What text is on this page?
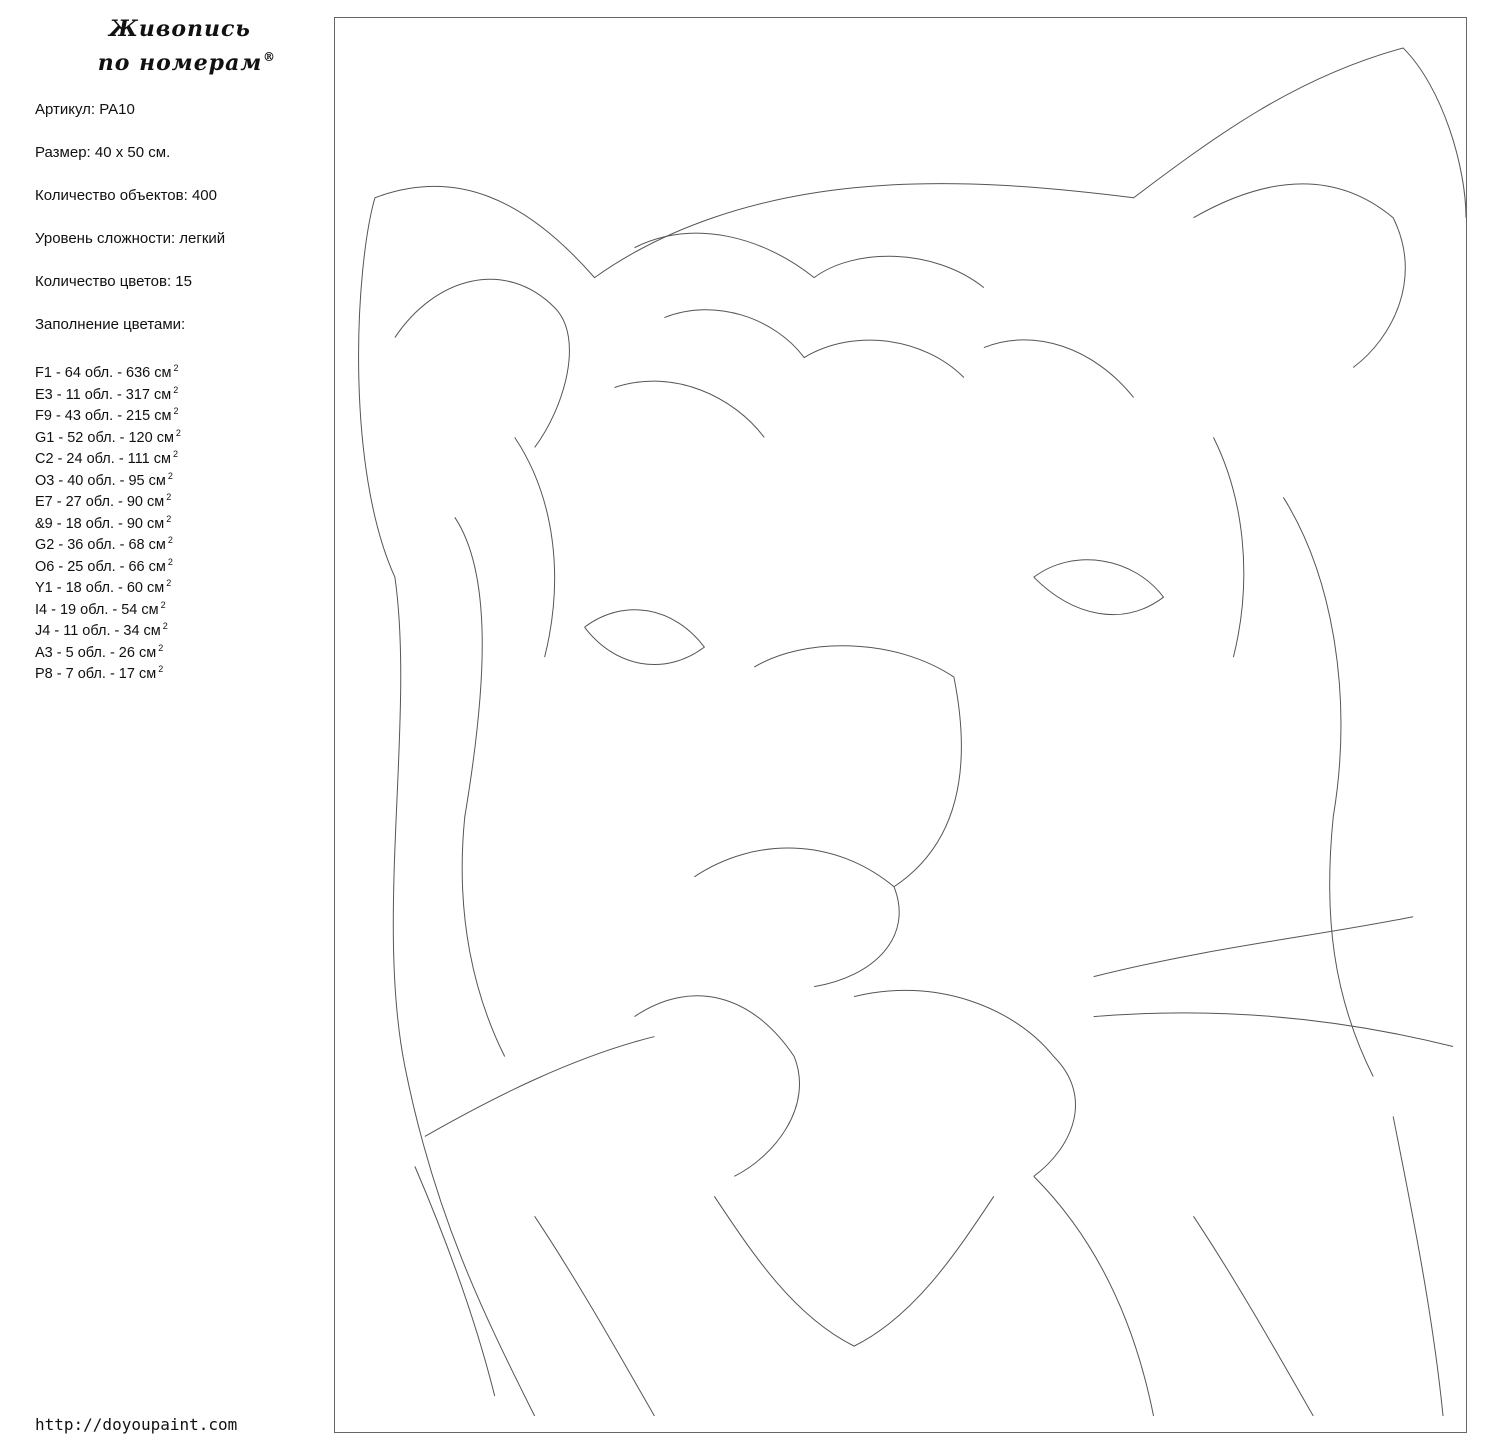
Живопись
по номерам ®
Артикул: PA10
Размер: 40 х 50 см.
Количество объектов: 400
Уровень сложности: легкий
Количество цветов: 15
Заполнение цветами:
F1 - 64 обл. - 636 см $^2$
E3 - 11 обл. - 317 см $^2$
F9 - 43 обл. - 215 см $^2$
G1 - 52 обл. - 120 см $^2$
C2 - 24 обл. - 111 см $^2$
O3 - 40 обл. - 95 см $^2$
E7 - 27 обл. - 90 см $^2$
&9 - 18 обл. - 90 см $^2$
G2 - 36 обл. - 68 см $^2$
O6 - 25 обл. - 66 см $^2$
Y1 - 18 обл. - 60 см $^2$
I4 - 19 обл. - 54 см $^2$
J4 - 11 обл. - 34 см $^2$
A3 - 5 обл. - 26 см $^2$
P8 - 7 обл. - 17 см $^2$
http://doyoupaint.com
